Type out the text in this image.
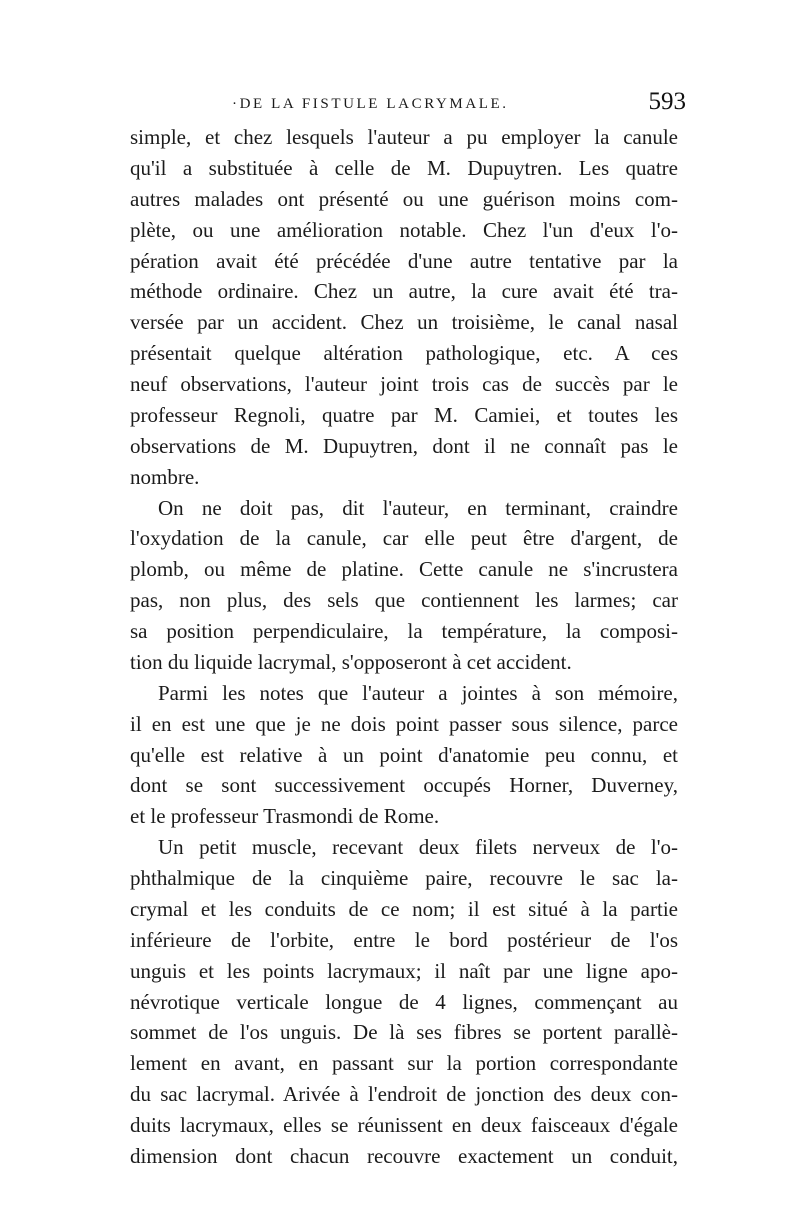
·DE LA FISTULE LACRYMALE.	593
simple, et chez lesquels l'auteur a pu employer la canule
qu'il a substituée à celle de M. Dupuytren. Les quatre
autres malades ont présenté ou une guérison moins com-
plète, ou une amélioration notable. Chez l'un d'eux l'o-
pération avait été précédée d'une autre tentative par la
méthode ordinaire. Chez un autre, la cure avait été tra-
versée par un accident. Chez un troisième, le canal nasal
présentait quelque altération pathologique, etc. A ces
neuf observations, l'auteur joint trois cas de succès par le
professeur Regnoli, quatre par M. Camiei, et toutes les
observations de M. Dupuytren, dont il ne connaît pas le
nombre.
On ne doit pas, dit l'auteur, en terminant, craindre
l'oxydation de la canule, car elle peut être d'argent, de
plomb, ou même de platine. Cette canule ne s'incrustera
pas, non plus, des sels que contiennent les larmes; car
sa position perpendiculaire, la température, la composi-
tion du liquide lacrymal, s'opposeront à cet accident.
Parmi les notes que l'auteur a jointes à son mémoire,
il en est une que je ne dois point passer sous silence, parce
qu'elle est relative à un point d'anatomie peu connu, et
dont se sont successivement occupés Horner, Duverney,
et le professeur Trasmondi de Rome.
Un petit muscle, recevant deux filets nerveux de l'o-
phthalmique de la cinquième paire, recouvre le sac la-
crymal et les conduits de ce nom; il est situé à la partie
inférieure de l'orbite, entre le bord postérieur de l'os
unguis et les points lacrymaux; il naît par une ligne apo-
névrotique verticale longue de 4 lignes, commençant au
sommet de l'os unguis. De là ses fibres se portent parallè-
lement en avant, en passant sur la portion correspondante
du sac lacrymal. Arivée à l'endroit de jonction des deux con-
duits lacrymaux, elles se réunissent en deux faisceaux d'égale
dimension dont chacun recouvre exactement un conduit,
